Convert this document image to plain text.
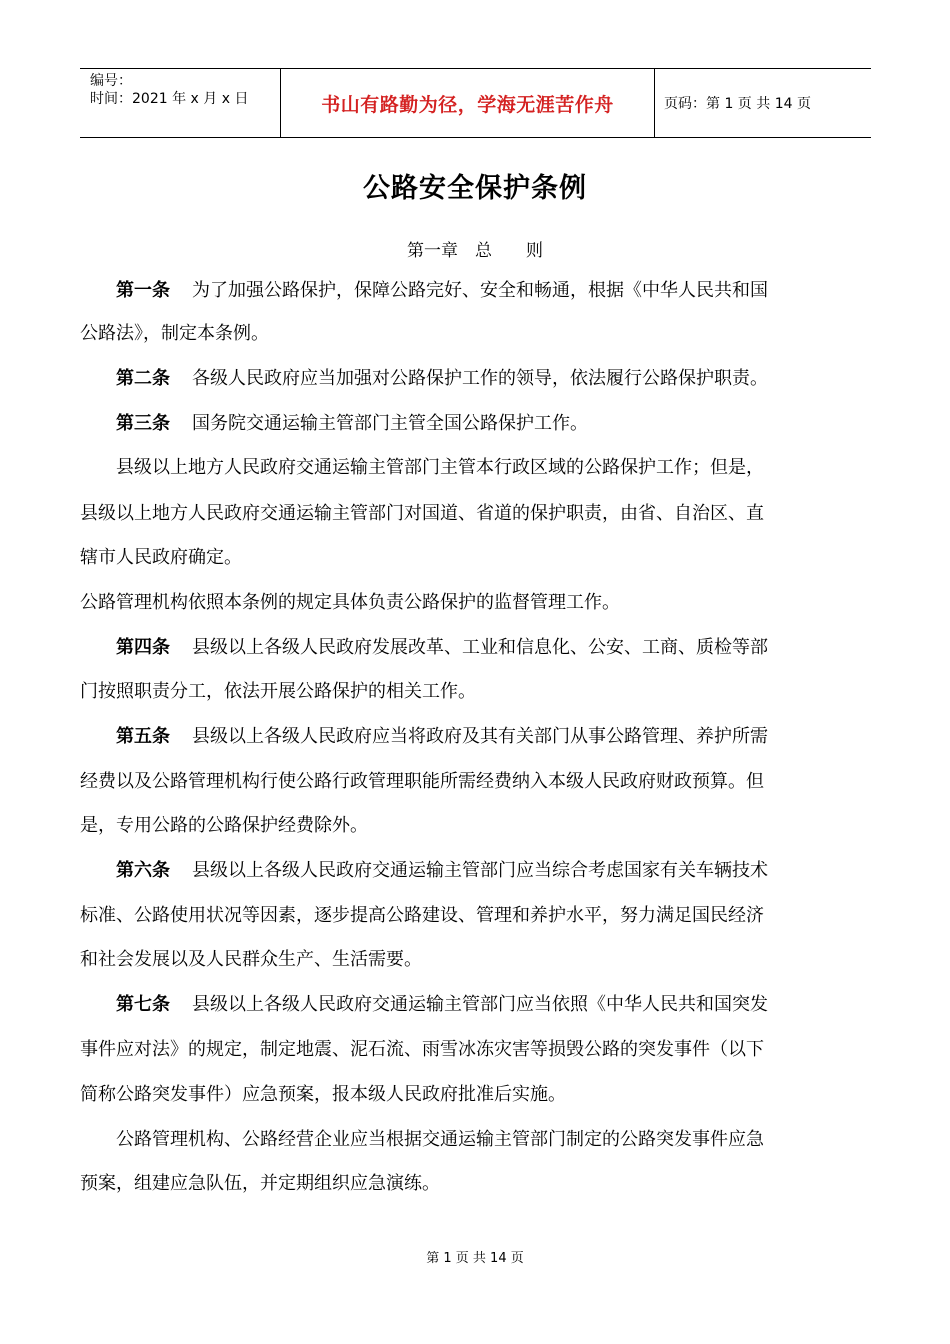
编号：
时间：2021 年 x 月 x 日	书山有路勤为径，学海无涯苦作舟	页码：第 1 页 共 14 页
公路安全保护条例
第一章　总　　则
第一条 为了加强公路保护，保障公路完好、安全和畅通，根据《中华人民共和国
公路法》，制定本条例。
第二条 各级人民政府应当加强对公路保护工作的领导，依法履行公路保护职责。
第三条 国务院交通运输主管部门主管全国公路保护工作。
县级以上地方人民政府交通运输主管部门主管本行政区域的公路保护工作；但是，
县级以上地方人民政府交通运输主管部门对国道、省道的保护职责，由省、自治区、直
辖市人民政府确定。
公路管理机构依照本条例的规定具体负责公路保护的监督管理工作。
第四条 县级以上各级人民政府发展改革、工业和信息化、公安、工商、质检等部
门按照职责分工，依法开展公路保护的相关工作。
第五条 县级以上各级人民政府应当将政府及其有关部门从事公路管理、养护所需
经费以及公路管理机构行使公路行政管理职能所需经费纳入本级人民政府财政预算。但
是，专用公路的公路保护经费除外。
第六条 县级以上各级人民政府交通运输主管部门应当综合考虑国家有关车辆技术
标准、公路使用状况等因素，逐步提高公路建设、管理和养护水平，努力满足国民经济
和社会发展以及人民群众生产、生活需要。
第七条 县级以上各级人民政府交通运输主管部门应当依照《中华人民共和国突发
事件应对法》的规定，制定地震、泥石流、雨雪冰冻灾害等损毁公路的突发事件（以下
简称公路突发事件）应急预案，报本级人民政府批准后实施。
公路管理机构、公路经营企业应当根据交通运输主管部门制定的公路突发事件应急
预案，组建应急队伍，并定期组织应急演练。
第 1 页 共 14 页
